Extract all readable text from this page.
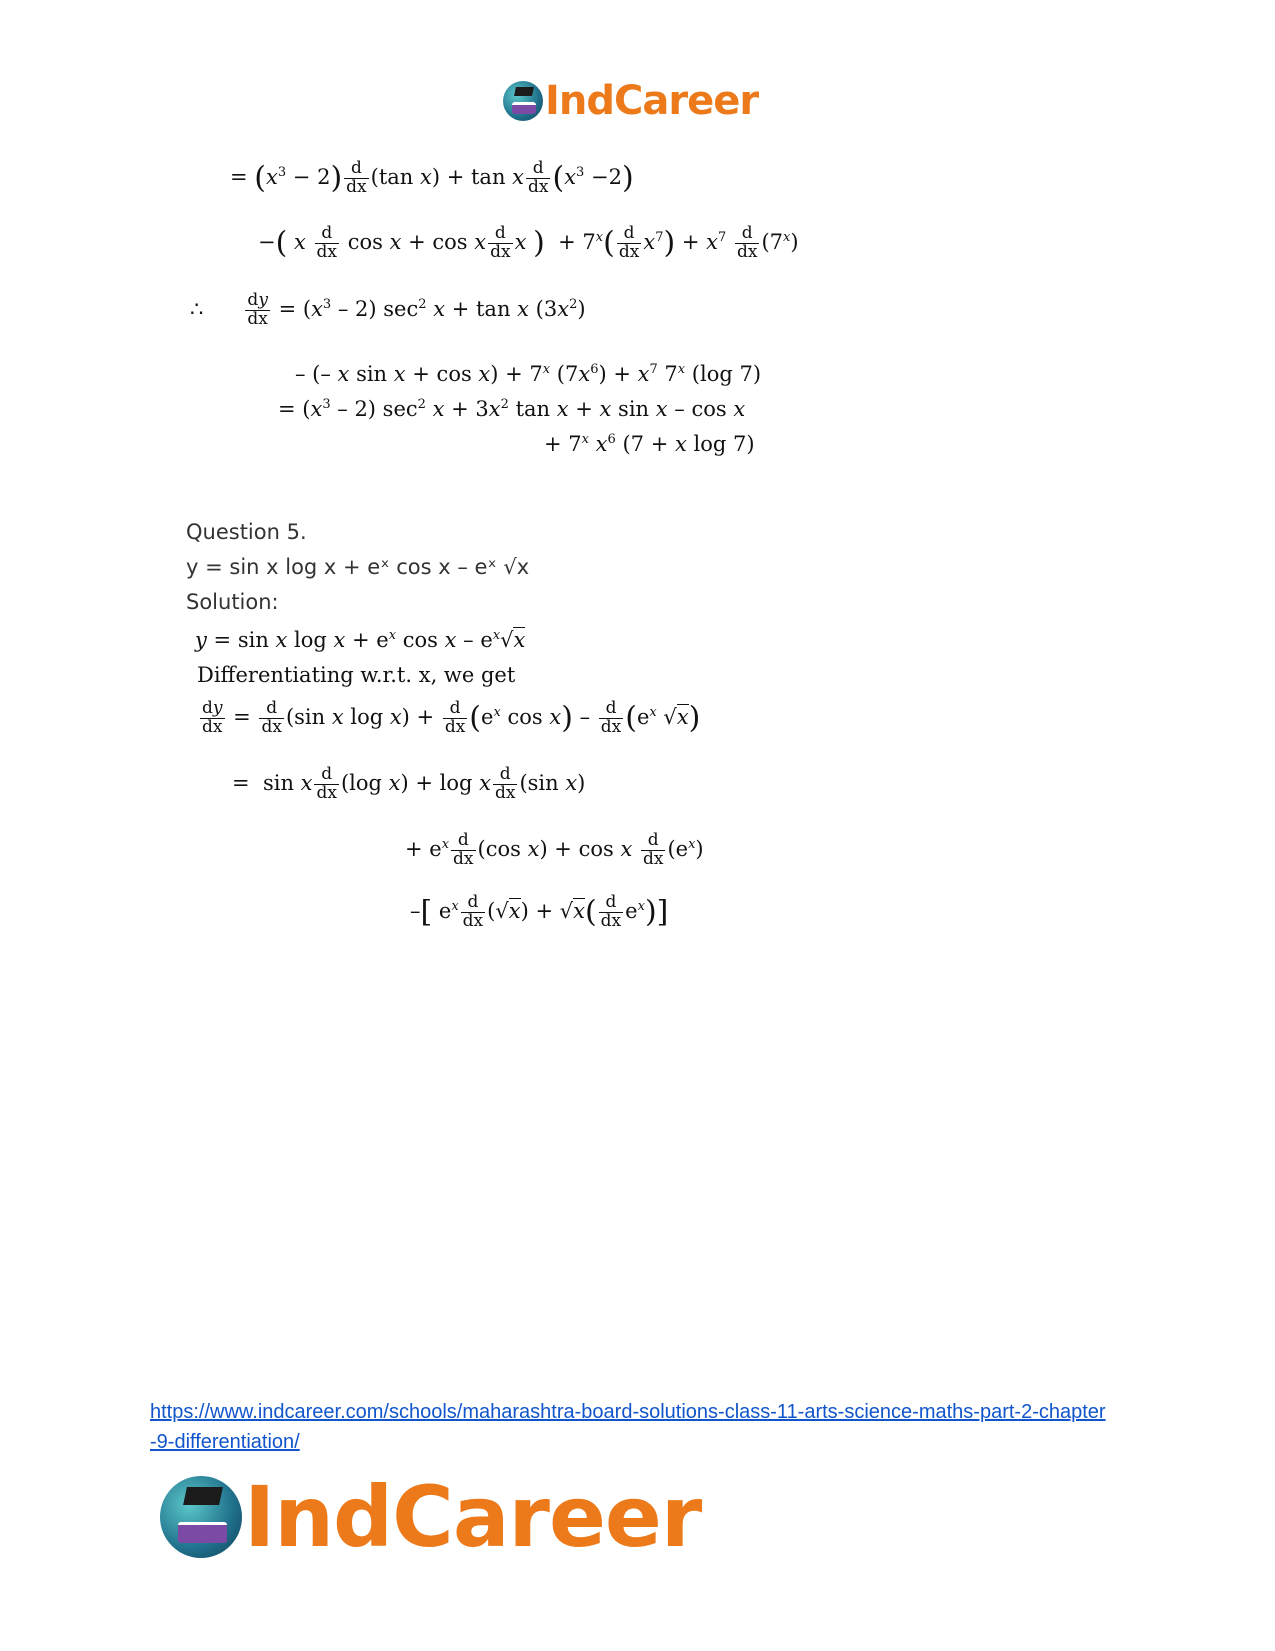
IndCareer
= $(x^3 - 2) \frac{d}{dx} (\tan$ x) + tan x $\frac{d}{dx} (x^3 -2)$
−( x $\frac{d}{dx}$ cos x + cos x $\frac{d}{dx}$ x )  + $7^x( \frac{d}{dx} x^7) + x^7 \frac{d}{dx} (7^x)$
∴ $\frac{dy}{dx} = (x^3 - 2)$ $\sec^2 x + \tan x$ $(3x^2)$
– (– x $\sin x + \cos x) + 7^x$ $(7x^6) + x^7$ 7$^x$ (log 7)
= $(x^3 - 2)$ $\sec^2 x + 3x^2$ tan x + x sin x – cos x
+ $7^x$ $x^6$ (7 + x log 7)
Question 5.
y = sin x log x + eˣ cos x – eˣ √x
Solution:
y = sin x $\log x + e^x$ cos x – $e^x√x$
Differentiating w.r.t. x, we get
$\frac{dy}{dx} = \frac{d}{dx} (\sin$ x $\log x) + \frac{d}{dx} (e^x$ $\cos x) - \frac{d}{dx} (e^x$ √x)
=  sin x $\frac{d}{dx} (\log$ x) + log x $\frac{d}{dx} (\sin$ x)
+ $e^x \frac{d}{dx} (\cos$ x) + cos x $\frac{d}{dx} (e^x)$
–[ $e^x \frac{d}{dx} (√x) + √x( \frac{d}{dx} e^x)$]
https://www.indcareer.com/schools/maharashtra-board-solutions-class-11-arts-science-maths-part-2-chapter-9-differentiation/
IndCareer
